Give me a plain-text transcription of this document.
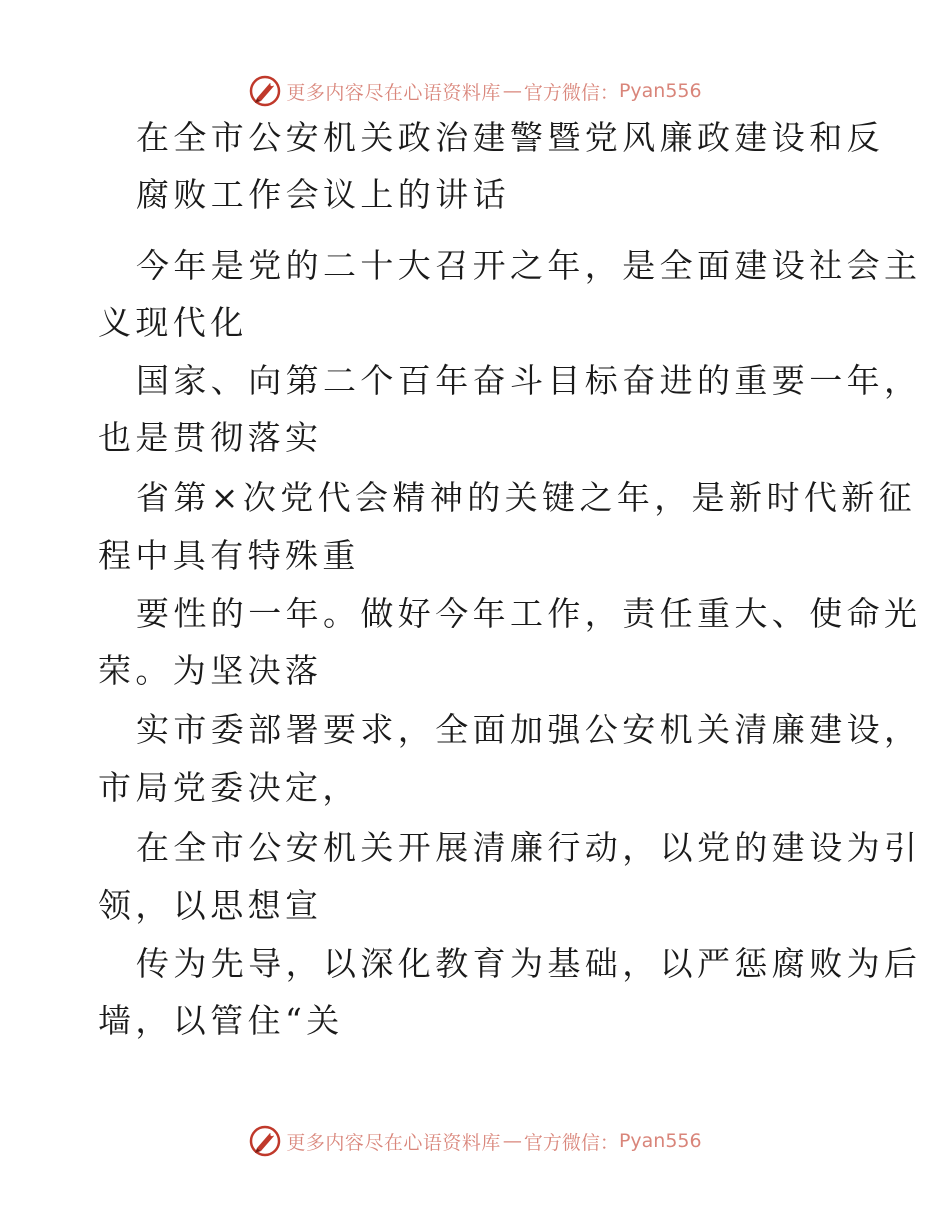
更多内容尽在心语资料库 — 官方微信： Pyan556
在全市公安机关政治建警暨党风廉政建设和反
腐败工作会议上的讲话
今年是党的二十大召开之年，是全面建设社会主
义现代化
国家、向第二个百年奋斗目标奋进的重要一年，
也是贯彻落实
省第×次党代会精神的关键之年，是新时代新征
程中具有特殊重
要性的一年。做好今年工作，责任重大、使命光
荣。为坚决落
实市委部署要求，全面加强公安机关清廉建设，
市局党委决定，
在全市公安机关开展清廉行动，以党的建设为引
领，以思想宣
传为先导，以深化教育为基础，以严惩腐败为后
墙，以管住“关
更多内容尽在心语资料库 — 官方微信： Pyan556
